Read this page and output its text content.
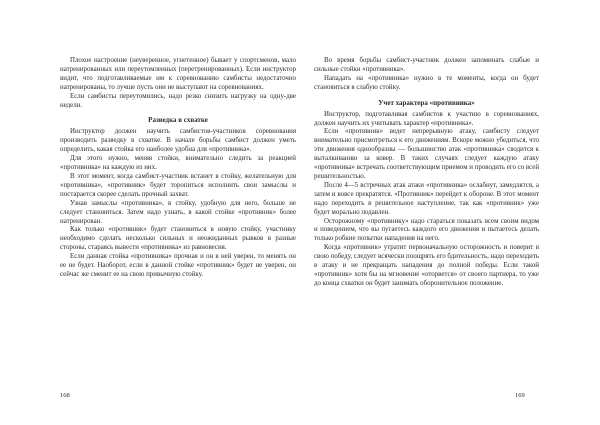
Плохое настроение (неуверенное, угнетенное) бывает у спортсменов, мало натренированных или переутомленных (перетренированных). Если инструктор видит, что подготавливаемые им к соревнованию самбисты недостаточно натренированы, то лучше пусть они не выступают на соревнованиях.

Если самбисты переутомились, надо резко снизить нагрузку на одну-две недели.

Разведка в схватке

Инструктор должен научить самбистов-участников соревнования производить разведку в схватке. В начале борьбы самбист должен уметь определить, какая стойка его наиболее удобна для «противника».

Для этого нужно, меняя стойки, внимательно следить за реакцией «противника» на каждую из них.

В этот момент, когда самбист-участник встанет в стойку, желательную для «противника», «противник» будет торопиться исполнить свои замыслы и постарается скорее сделать прочный захват.

Узнав замыслы «противника», в стойку, удобную для него, больше не следует становиться. Затем надо узнать, в какой стойке «противник» более натренирован.

Как только «противник» будет становиться в новую стойку, участнику необходимо сделать несколько сильных и неожиданных рывков в разные стороны, стараясь вывести «противника» из равновесия.

Если данная стойка «противника» прочная и он в ней уверен, то менять он ее не будет. Наоборот, если в данной стойке «противник» будет не уверен, он сейчас же сменит ее на свою привычную стойку.

168

Во время борьбы самбист-участник должен запоминать слабые и сильные стойки «противника».

Нападать на «противника» нужно в те моменты, когда он будет становиться в слабую стойку.

Учет характера «противника»

Инструктор, подготавливая самбистов к участию в соревнованиях, должен научить их учитывать характер «противника».

Если «противник» ведет непрерывную атаку, самбисту следует внимательно присмотреться к его движениям. Вскоре можно убедиться, что эти движения однообразны — большинство атак «противника» сводится к выталкиванию за ковер. В таких случаях следует каждую атаку «противника» встречать соответствующим приемом и проводить его со всей решительностью.

После 4—5 встречных атак атаки «противника» ослабнут, замедлятся, а затем и вовсе прекратятся. «Противник» перейдет к обороне. В этот момент надо переходить в решительное наступление, так как «противник» уже будет морально подавлен.

Осторожному «противнику» надо стараться показать всем своим видом и поведением, что вы пугаетесь каждого его движения и пытаетесь делать только робкие попытки нападения на него.

Когда «противник» утратит первоначальную осторожность и поверит в свою победу, следует всячески поощрять его бдительность, надо переходить в атаку и не прекращать нападения до полной победы. Если такой «противник» хотя бы на мгновение «оторвется» от своего партнера, то уже до конца схватки он будет занимать оборонительное положение.

169
